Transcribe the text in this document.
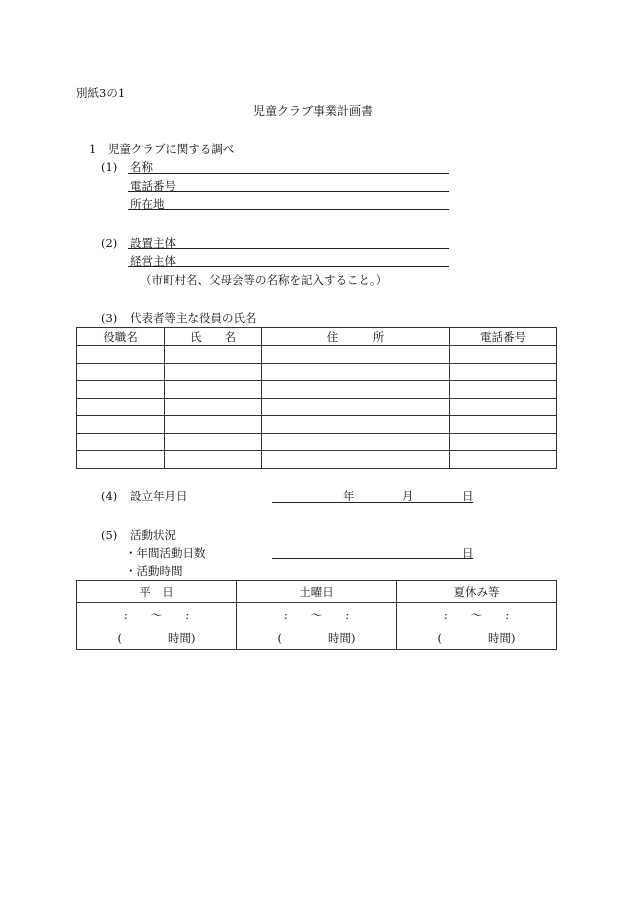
別紙3の1
児童クラブ事業計画書
1　児童クラブに関する調べ
(1) 名称
電話番号
所在地
(2) 設置主体
経営主体
（市町村名、父母会等の名称を記入すること。）
(3) 代表者等主な役員の氏名
役職名	氏　　名	住　　　所	電話番号

(4) 設立年月日	年	月	日
(5) 活動状況
・年間活動日数	日
・活動時間
平　日	土曜日	夏休み等
:　　〜　　:	:　　〜　　:	:　　〜　　:
( 時間)	( 時間)	( 時間)
